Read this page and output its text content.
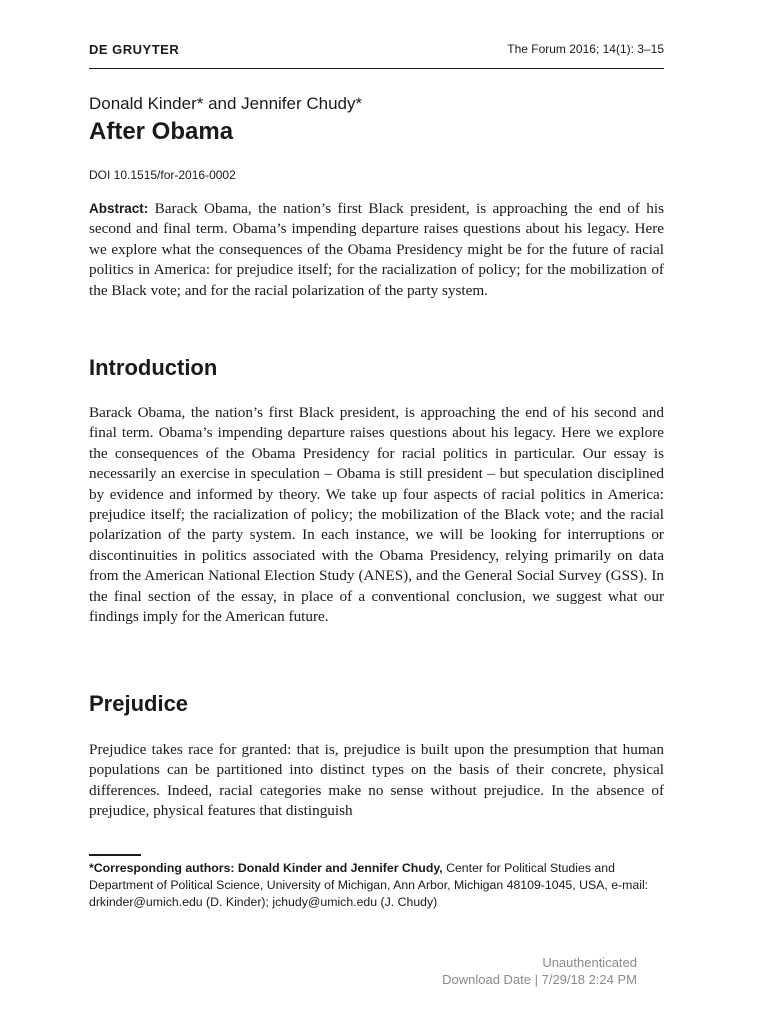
DE GRUYTER	The Forum 2016; 14(1): 3–15
Donald Kinder* and Jennifer Chudy*
After Obama
DOI 10.1515/for-2016-0002

Abstract: Barack Obama, the nation’s first Black president, is approaching the end of his second and final term. Obama’s impending departure raises questions about his legacy. Here we explore what the consequences of the Obama Presidency might be for the future of racial politics in America: for prejudice itself; for the racialization of policy; for the mobilization of the Black vote; and for the racial polarization of the party system.

Introduction

Barack Obama, the nation’s first Black president, is approaching the end of his second and final term. Obama’s impending departure raises questions about his legacy. Here we explore the consequences of the Obama Presidency for racial politics in particular. Our essay is necessarily an exercise in speculation – Obama is still president – but speculation disciplined by evidence and informed by theory. We take up four aspects of racial politics in America: prejudice itself; the racialization of policy; the mobilization of the Black vote; and the racial polarization of the party system. In each instance, we will be looking for interruptions or discontinuities in politics associated with the Obama Presidency, relying primarily on data from the American National Election Study (ANES), and the General Social Survey (GSS). In the final section of the essay, in place of a conventional conclusion, we suggest what our findings imply for the American future.

Prejudice

Prejudice takes race for granted: that is, prejudice is built upon the presumption that human populations can be partitioned into distinct types on the basis of their concrete, physical differences. Indeed, racial categories make no sense without prejudice. In the absence of prejudice, physical features that distinguish

*Corresponding authors: Donald Kinder and Jennifer Chudy, Center for Political Studies and Department of Political Science, University of Michigan, Ann Arbor, Michigan 48109-1045, USA, e-mail: drkinder@umich.edu (D. Kinder); jchudy@umich.edu (J. Chudy)

Unauthenticated
Download Date | 7/29/18 2:24 PM
